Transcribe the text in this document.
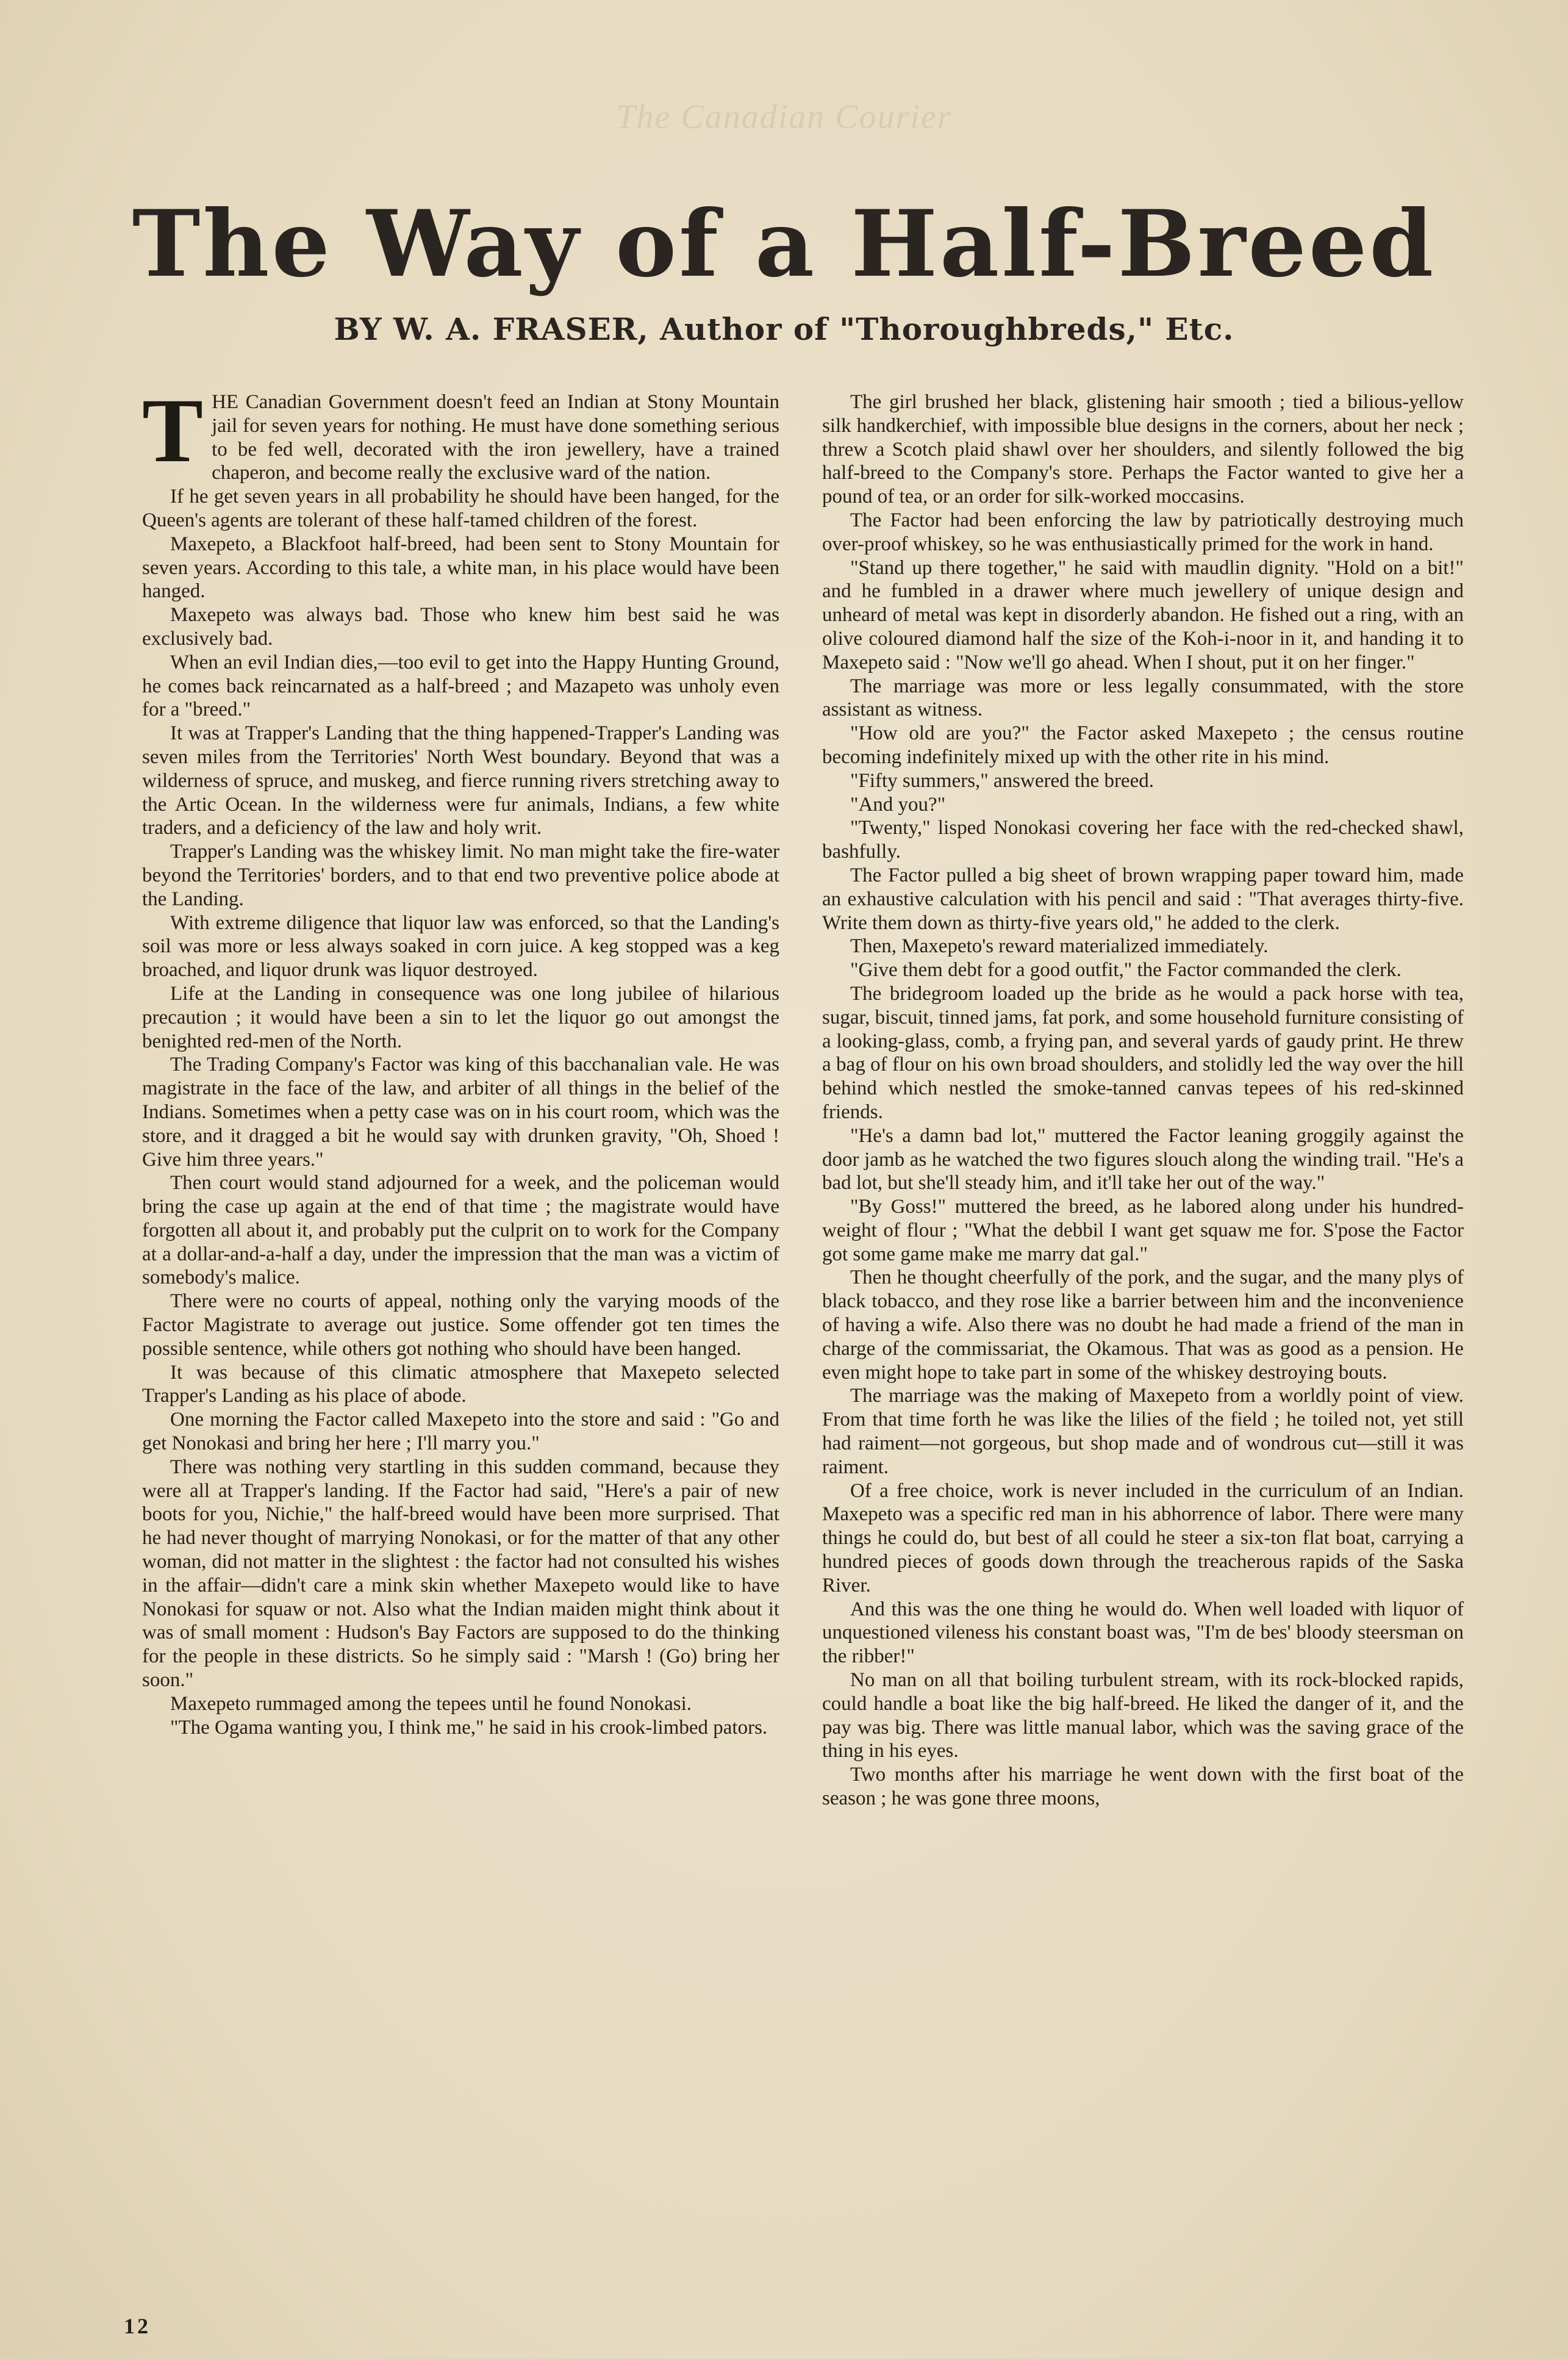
The Canadian Courier
The Way of a Half-Breed
BY W. A. FRASER, Author of "Thoroughbreds," Etc.

THE Canadian Government doesn't feed an Indian at Stony Mountain jail for seven years for nothing. He must have done something serious to be fed well, decorated with the iron jewellery, have a trained chaperon, and become really the exclusive ward of the nation.

If he get seven years in all probability he should have been hanged, for the Queen's agents are tolerant of these half-tamed children of the forest.

Maxepeto, a Blackfoot half-breed, had been sent to Stony Mountain for seven years. According to this tale, a white man, in his place would have been hanged.

Maxepeto was always bad. Those who knew him best said he was exclusively bad.

When an evil Indian dies,—too evil to get into the Happy Hunting Ground, he comes back reincarnated as a half-breed ; and Mazapeto was unholy even for a "breed."

It was at Trapper's Landing that the thing happened-Trapper's Landing was seven miles from the Territories' North West boundary. Beyond that was a wilderness of spruce, and muskeg, and fierce running rivers stretching away to the Artic Ocean. In the wilderness were fur animals, Indians, a few white traders, and a deficiency of the law and holy writ.

Trapper's Landing was the whiskey limit. No man might take the fire-water beyond the Territories' borders, and to that end two preventive police abode at the Landing.

With extreme diligence that liquor law was enforced, so that the Landing's soil was more or less always soaked in corn juice. A keg stopped was a keg broached, and liquor drunk was liquor destroyed.

Life at the Landing in consequence was one long jubilee of hilarious precaution ; it would have been a sin to let the liquor go out amongst the benighted red-men of the North.

The Trading Company's Factor was king of this bacchanalian vale. He was magistrate in the face of the law, and arbiter of all things in the belief of the Indians. Sometimes when a petty case was on in his court room, which was the store, and it dragged a bit he would say with drunken gravity, "Oh, Shoed ! Give him three years."

Then court would stand adjourned for a week, and the policeman would bring the case up again at the end of that time ; the magistrate would have forgotten all about it, and probably put the culprit on to work for the Company at a dollar-and-a-half a day, under the impression that the man was a victim of somebody's malice.

There were no courts of appeal, nothing only the varying moods of the Factor Magistrate to average out justice. Some offender got ten times the possible sentence, while others got nothing who should have been hanged.

It was because of this climatic atmosphere that Maxepeto selected Trapper's Landing as his place of abode.

One morning the Factor called Maxepeto into the store and said : "Go and get Nonokasi and bring her here ; I'll marry you."

There was nothing very startling in this sudden command, because they were all at Trapper's landing. If the Factor had said, "Here's a pair of new boots for you, Nichie," the half-breed would have been more surprised. That he had never thought of marrying Nonokasi, or for the matter of that any other woman, did not matter in the slightest : the factor had not consulted his wishes in the affair—didn't care a mink skin whether Maxepeto would like to have Nonokasi for squaw or not. Also what the Indian maiden might think about it was of small moment : Hudson's Bay Factors are supposed to do the thinking for the people in these districts. So he simply said : "Marsh ! (Go) bring her soon."

Maxepeto rummaged among the tepees until he found Nonokasi.

"The Ogama wanting you, I think me," he said in his crook-limbed pators.

The girl brushed her black, glistening hair smooth ; tied a bilious-yellow silk handkerchief, with impossible blue designs in the corners, about her neck ; threw a Scotch plaid shawl over her shoulders, and silently followed the big half-breed to the Company's store. Perhaps the Factor wanted to give her a pound of tea, or an order for silk-worked moccasins.

The Factor had been enforcing the law by patriotically destroying much over-proof whiskey, so he was enthusiastically primed for the work in hand.

"Stand up there together," he said with maudlin dignity. "Hold on a bit!" and he fumbled in a drawer where much jewellery of unique design and unheard of metal was kept in disorderly abandon. He fished out a ring, with an olive coloured diamond half the size of the Koh-i-noor in it, and handing it to Maxepeto said : "Now we'll go ahead. When I shout, put it on her finger."

The marriage was more or less legally consummated, with the store assistant as witness.

"How old are you?" the Factor asked Maxepeto ; the census routine becoming indefinitely mixed up with the other rite in his mind.

"Fifty summers," answered the breed.

"And you?"

"Twenty," lisped Nonokasi covering her face with the red-checked shawl, bashfully.

The Factor pulled a big sheet of brown wrapping paper toward him, made an exhaustive calculation with his pencil and said : "That averages thirty-five. Write them down as thirty-five years old," he added to the clerk.

Then, Maxepeto's reward materialized immediately.

"Give them debt for a good outfit," the Factor commanded the clerk.

The bridegroom loaded up the bride as he would a pack horse with tea, sugar, biscuit, tinned jams, fat pork, and some household furniture consisting of a looking-glass, comb, a frying pan, and several yards of gaudy print. He threw a bag of flour on his own broad shoulders, and stolidly led the way over the hill behind which nestled the smoke-tanned canvas tepees of his red-skinned friends.

"He's a damn bad lot," muttered the Factor leaning groggily against the door jamb as he watched the two figures slouch along the winding trail. "He's a bad lot, but she'll steady him, and it'll take her out of the way."

"By Goss!" muttered the breed, as he labored along under his hundred-weight of flour ; "What the debbil I want get squaw me for. S'pose the Factor got some game make me marry dat gal."

Then he thought cheerfully of the pork, and the sugar, and the many plys of black tobacco, and they rose like a barrier between him and the inconvenience of having a wife. Also there was no doubt he had made a friend of the man in charge of the commissariat, the Okamous. That was as good as a pension. He even might hope to take part in some of the whiskey destroying bouts.

The marriage was the making of Maxepeto from a worldly point of view. From that time forth he was like the lilies of the field ; he toiled not, yet still had raiment—not gorgeous, but shop made and of wondrous cut—still it was raiment.

Of a free choice, work is never included in the curriculum of an Indian. Maxepeto was a specific red man in his abhorrence of labor. There were many things he could do, but best of all could he steer a six-ton flat boat, carrying a hundred pieces of goods down through the treacherous rapids of the Saska River.

And this was the one thing he would do. When well loaded with liquor of unquestioned vileness his constant boast was, "I'm de bes' bloody steersman on the ribber!"

No man on all that boiling turbulent stream, with its rock-blocked rapids, could handle a boat like the big half-breed. He liked the danger of it, and the pay was big. There was little manual labor, which was the saving grace of the thing in his eyes.

Two months after his marriage he went down with the first boat of the season ; he was gone three moons,

12
